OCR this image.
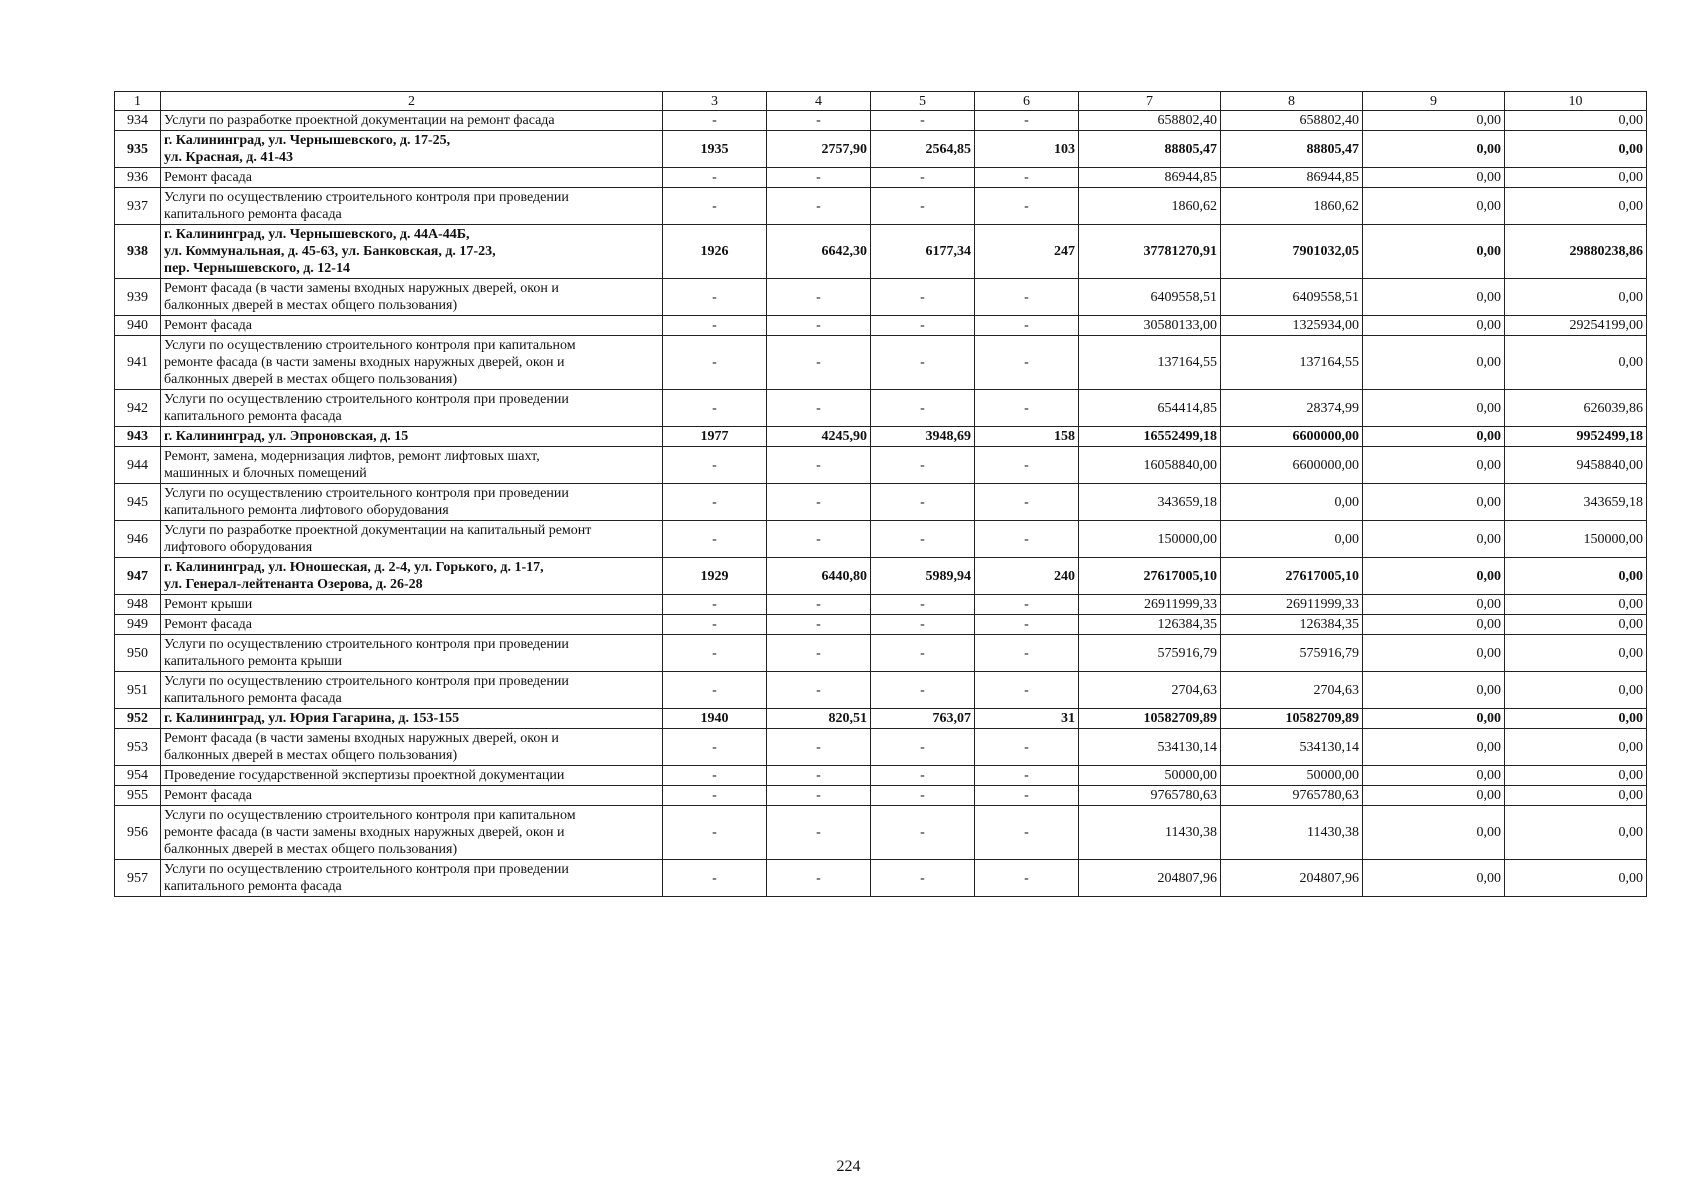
1	2	3	4	5	6	7	8	9	10
934	Услуги по разработке проектной документации на ремонт фасада	-	-	-	-	658802,40	658802,40	0,00	0,00
935	г. Калининград, ул. Чернышевского, д. 17-25,
ул. Красная, д. 41-43	1935	2757,90	2564,85	103	88805,47	88805,47	0,00	0,00
936	Ремонт фасада	-	-	-	-	86944,85	86944,85	0,00	0,00
937	Услуги по осуществлению строительного контроля при проведении
капитального ремонта фасада	-	-	-	-	1860,62	1860,62	0,00	0,00
938	г. Калининград, ул. Чернышевского, д. 44А-44Б,
ул. Коммунальная, д. 45-63, ул. Банковская, д. 17-23,
пер. Чернышевского, д. 12-14	1926	6642,30	6177,34	247	37781270,91	7901032,05	0,00	29880238,86
939	Ремонт фасада (в части замены входных наружных дверей, окон и
балконных дверей в местах общего пользования)	-	-	-	-	6409558,51	6409558,51	0,00	0,00
940	Ремонт фасада	-	-	-	-	30580133,00	1325934,00	0,00	29254199,00
941	Услуги по осуществлению строительного контроля при капитальном
ремонте фасада (в части замены входных наружных дверей, окон и
балконных дверей в местах общего пользования)	-	-	-	-	137164,55	137164,55	0,00	0,00
942	Услуги по осуществлению строительного контроля при проведении
капитального ремонта фасада	-	-	-	-	654414,85	28374,99	0,00	626039,86
943	г. Калининград, ул. Эпроновская, д. 15	1977	4245,90	3948,69	158	16552499,18	6600000,00	0,00	9952499,18
944	Ремонт, замена, модернизация лифтов, ремонт лифтовых шахт,
машинных и блочных помещений	-	-	-	-	16058840,00	6600000,00	0,00	9458840,00
945	Услуги по осуществлению строительного контроля при проведении
капитального ремонта лифтового оборудования	-	-	-	-	343659,18	0,00	0,00	343659,18
946	Услуги по разработке проектной документации на капитальный ремонт
лифтового оборудования	-	-	-	-	150000,00	0,00	0,00	150000,00
947	г. Калининград, ул. Юношеская, д. 2-4, ул. Горького, д. 1-17,
ул. Генерал-лейтенанта Озерова, д. 26-28	1929	6440,80	5989,94	240	27617005,10	27617005,10	0,00	0,00
948	Ремонт крыши	-	-	-	-	26911999,33	26911999,33	0,00	0,00
949	Ремонт фасада	-	-	-	-	126384,35	126384,35	0,00	0,00
950	Услуги по осуществлению строительного контроля при проведении
капитального ремонта крыши	-	-	-	-	575916,79	575916,79	0,00	0,00
951	Услуги по осуществлению строительного контроля при проведении
капитального ремонта фасада	-	-	-	-	2704,63	2704,63	0,00	0,00
952	г. Калининград, ул. Юрия Гагарина, д. 153-155	1940	820,51	763,07	31	10582709,89	10582709,89	0,00	0,00
953	Ремонт фасада (в части замены входных наружных дверей, окон и
балконных дверей в местах общего пользования)	-	-	-	-	534130,14	534130,14	0,00	0,00
954	Проведение государственной экспертизы проектной документации	-	-	-	-	50000,00	50000,00	0,00	0,00
955	Ремонт фасада	-	-	-	-	9765780,63	9765780,63	0,00	0,00
956	Услуги по осуществлению строительного контроля при капитальном
ремонте фасада (в части замены входных наружных дверей, окон и
балконных дверей в местах общего пользования)	-	-	-	-	11430,38	11430,38	0,00	0,00
957	Услуги по осуществлению строительного контроля при проведении
капитального ремонта фасада	-	-	-	-	204807,96	204807,96	0,00	0,00
224
